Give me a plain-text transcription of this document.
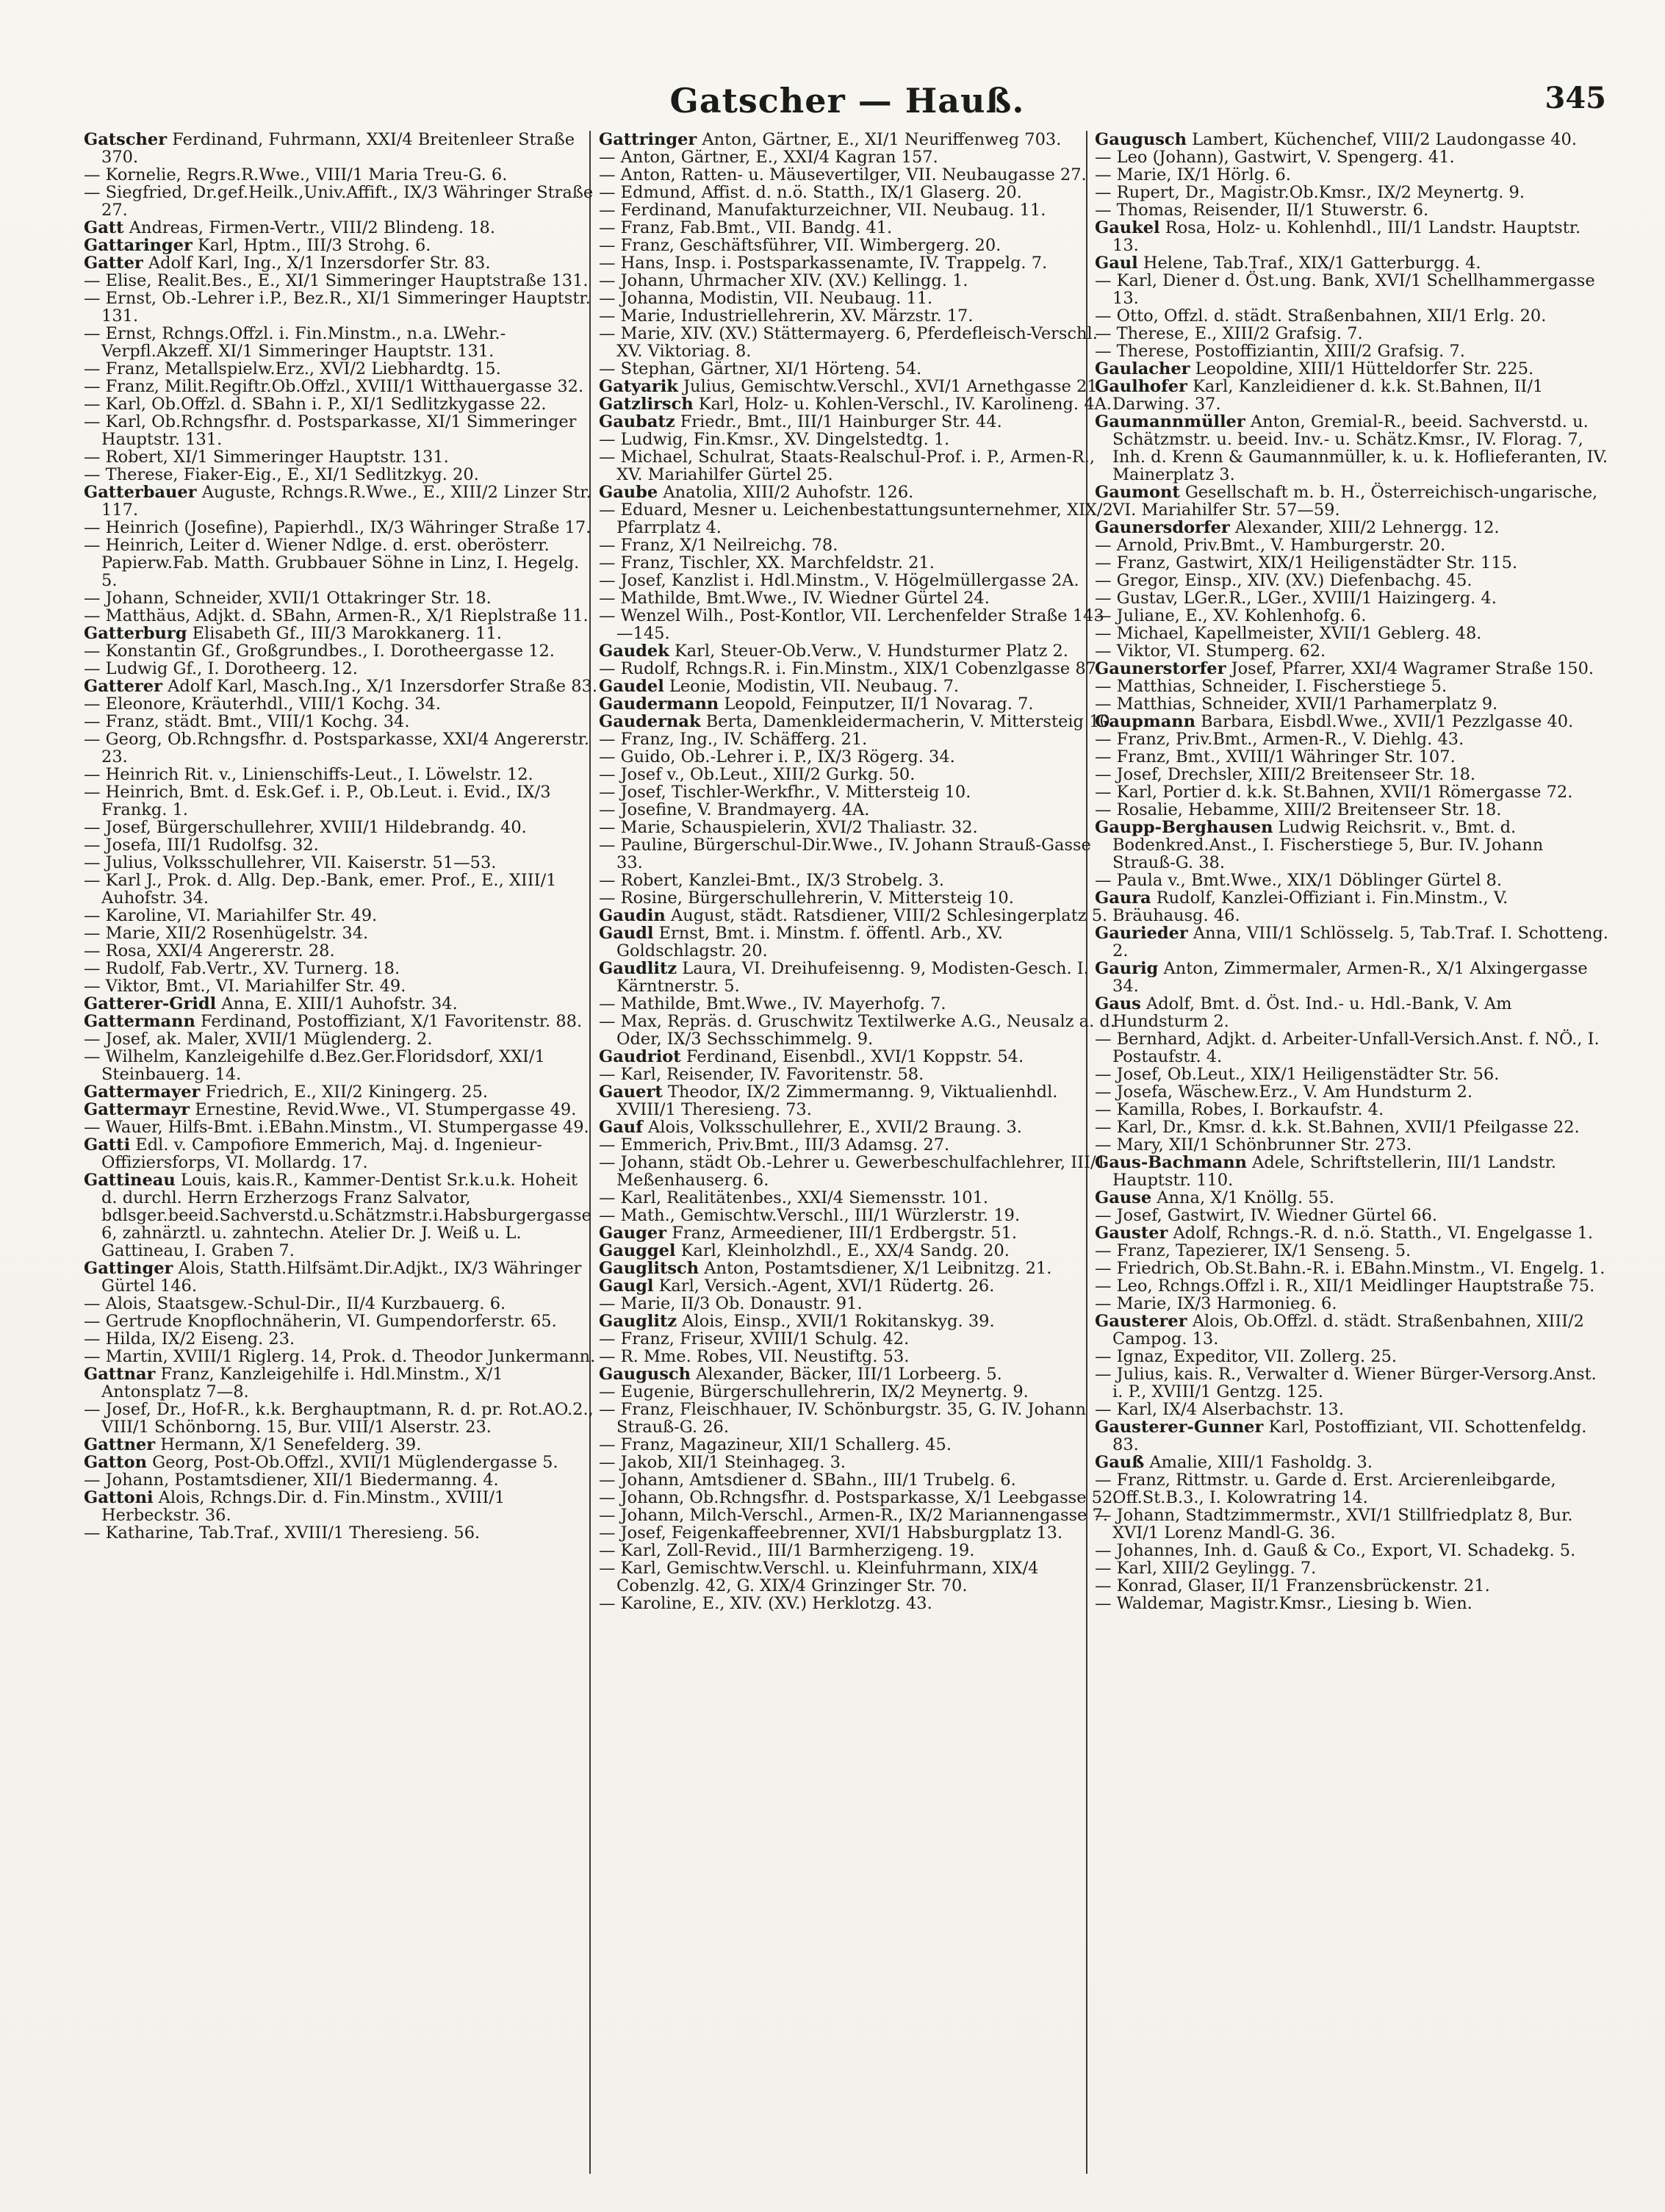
Gatscher — Hauß.	345

Gatscher Ferdinand, Fuhrmann, XXI/4 Breitenleer Straße 370.

— Kornelie, Regrs.R.Wwe., VIII/1 Maria Treu-G. 6.

— Siegfried, Dr.gef.Heilk.,Univ.Affift., IX/3 Währinger Straße 27.

Gatt Andreas, Firmen-Vertr., VIII/2 Blindeng. 18.

Gattaringer Karl, Hptm., III/3 Strohg. 6.

Gatter Adolf Karl, Ing., X/1 Inzersdorfer Str. 83.

— Elise, Realit.Bes., E., XI/1 Simmeringer Hauptstraße 131.

— Ernst, Ob.-Lehrer i.P., Bez.R., XI/1 Simmeringer Hauptstr. 131.

— Ernst, Rchngs.Offzl. i. Fin.Minstm., n.a. LWehr.-Verpfl.Akzeff. XI/1 Simmeringer Hauptstr. 131.

— Franz, Metallspielw.Erz., XVI/2 Liebhardtg. 15.

— Franz, Milit.Regiftr.Ob.Offzl., XVIII/1 Witthauergasse 32.

— Karl, Ob.Offzl. d. SBahn i. P., XI/1 Sedlitzkygasse 22.

— Karl, Ob.Rchngsfhr. d. Postsparkasse, XI/1 Simmeringer Hauptstr. 131.

— Robert, XI/1 Simmeringer Hauptstr. 131.

— Therese, Fiaker-Eig., E., XI/1 Sedlitzkyg. 20.

Gatterbauer Auguste, Rchngs.R.Wwe., E., XIII/2 Linzer Str. 117.

— Heinrich (Josefine), Papierhdl., IX/3 Währinger Straße 17.

— Heinrich, Leiter d. Wiener Ndlge. d. erst. oberösterr. Papierw.Fab. Matth. Grubbauer Söhne in Linz, I. Hegelg. 5.

— Johann, Schneider, XVII/1 Ottakringer Str. 18.

— Matthäus, Adjkt. d. SBahn, Armen-R., X/1 Rieplstraße 11.

Gatterburg Elisabeth Gf., III/3 Marokkanerg. 11.

— Konstantin Gf., Großgrundbes., I. Dorotheergasse 12.

— Ludwig Gf., I. Dorotheerg. 12.

Gatterer Adolf Karl, Masch.Ing., X/1 Inzersdorfer Straße 83.

— Eleonore, Kräuterhdl., VIII/1 Kochg. 34.

— Franz, städt. Bmt., VIII/1 Kochg. 34.

— Georg, Ob.Rchngsfhr. d. Postsparkasse, XXI/4 Angererstr. 23.

— Heinrich Rit. v., Linienschiffs-Leut., I. Löwelstr. 12.

— Heinrich, Bmt. d. Esk.Gef. i. P., Ob.Leut. i. Evid., IX/3 Frankg. 1.

— Josef, Bürgerschullehrer, XVIII/1 Hildebrandg. 40.

— Josefa, III/1 Rudolfsg. 32.

— Julius, Volksschullehrer, VII. Kaiserstr. 51—53.

— Karl J., Prok. d. Allg. Dep.-Bank, emer. Prof., E., XIII/1 Auhofstr. 34.

— Karoline, VI. Mariahilfer Str. 49.

— Marie, XII/2 Rosenhügelstr. 34.

— Rosa, XXI/4 Angererstr. 28.

— Rudolf, Fab.Vertr., XV. Turnerg. 18.

— Viktor, Bmt., VI. Mariahilfer Str. 49.

Gatterer-Gridl Anna, E. XIII/1 Auhofstr. 34.

Gattermann Ferdinand, Postoffiziant, X/1 Favoritenstr. 88.

— Josef, ak. Maler, XVII/1 Müglenderg. 2.

— Wilhelm, Kanzleigehilfe d.Bez.Ger.Floridsdorf, XXI/1 Steinbauerg. 14.

Gattermayer Friedrich, E., XII/2 Kiningerg. 25.

Gattermayr Ernestine, Revid.Wwe., VI. Stumpergasse 49.

— Wauer, Hilfs-Bmt. i.EBahn.Minstm., VI. Stumpergasse 49.

Gatti Edl. v. Campofiore Emmerich, Maj. d. Ingenieur-Offiziersforps, VI. Mollardg. 17.

Gattineau Louis, kais.R., Kammer-Dentist Sr.k.u.k. Hoheit d. durchl. Herrn Erzherzogs Franz Salvator, bdlsger.beeid.Sachverstd.u.Schätzmstr.i.Habsburgergasse 6, zahnärztl. u. zahntechn. Atelier Dr. J. Weiß u. L. Gattineau, I. Graben 7.

Gattinger Alois, Statth.Hilfsämt.Dir.Adjkt., IX/3 Währinger Gürtel 146.

— Alois, Staatsgew.-Schul-Dir., II/4 Kurzbauerg. 6.

— Gertrude Knopflochnäherin, VI. Gumpendorferstr. 65.

— Hilda, IX/2 Eiseng. 23.

— Martin, XVIII/1 Riglerg. 14, Prok. d. Theodor Junkermann.

Gattnar Franz, Kanzleigehilfe i. Hdl.Minstm., X/1 Antonsplatz 7—8.

— Josef, Dr., Hof-R., k.k. Berghauptmann, R. d. pr. Rot.AO.2., VIII/1 Schönborng. 15, Bur. VIII/1 Alserstr. 23.

Gattner Hermann, X/1 Senefelderg. 39.

Gatton Georg, Post-Ob.Offzl., XVII/1 Müglendergasse 5.

— Johann, Postamtsdiener, XII/1 Biedermanng. 4.

Gattoni Alois, Rchngs.Dir. d. Fin.Minstm., XVIII/1 Herbeckstr. 36.

— Katharine, Tab.Traf., XVIII/1 Theresieng. 56.

Gattringer Anton, Gärtner, E., XI/1 Neuriffenweg 703.

— Anton, Gärtner, E., XXI/4 Kagran 157.

— Anton, Ratten- u. Mäusevertilger, VII. Neubaugasse 27.

— Edmund, Affist. d. n.ö. Statth., IX/1 Glaserg. 20.

— Ferdinand, Manufakturzeichner, VII. Neubaug. 11.

— Franz, Fab.Bmt., VII. Bandg. 41.

— Franz, Geschäftsführer, VII. Wimbergerg. 20.

— Hans, Insp. i. Postsparkassenamte, IV. Trappelg. 7.

— Johann, Uhrmacher XIV. (XV.) Kellingg. 1.

— Johanna, Modistin, VII. Neubaug. 11.

— Marie, Industriellehrerin, XV. Märzstr. 17.

— Marie, XIV. (XV.) Stättermayerg. 6, Pferdefleisch-Verschl. XV. Viktoriag. 8.

— Stephan, Gärtner, XI/1 Hörteng. 54.

Gatyarik Julius, Gemischtw.Verschl., XVI/1 Arnethgasse 21.

Gatzlirsch Karl, Holz- u. Kohlen-Verschl., IV. Karolineng. 4A.

Gaubatz Friedr., Bmt., III/1 Hainburger Str. 44.

— Ludwig, Fin.Kmsr., XV. Dingelstedtg. 1.

— Michael, Schulrat, Staats-Realschul-Prof. i. P., Armen-R., XV. Mariahilfer Gürtel 25.

Gaube Anatolia, XIII/2 Auhofstr. 126.

— Eduard, Mesner u. Leichenbestattungsunternehmer, XIX/2 Pfarrplatz 4.

— Franz, X/1 Neilreichg. 78.

— Franz, Tischler, XX. Marchfeldstr. 21.

— Josef, Kanzlist i. Hdl.Minstm., V. Högelmüllergasse 2A.

— Mathilde, Bmt.Wwe., IV. Wiedner Gürtel 24.

— Wenzel Wilh., Post-Kontlor, VII. Lerchenfelder Straße 143—145.

Gaudek Karl, Steuer-Ob.Verw., V. Hundsturmer Platz 2.

— Rudolf, Rchngs.R. i. Fin.Minstm., XIX/1 Cobenzlgasse 87.

Gaudel Leonie, Modistin, VII. Neubaug. 7.

Gaudermann Leopold, Feinputzer, II/1 Novarag. 7.

Gaudernak Berta, Damenkleidermacherin, V. Mittersteig 10.

— Franz, Ing., IV. Schäfferg. 21.

— Guido, Ob.-Lehrer i. P., IX/3 Rögerg. 34.

— Josef v., Ob.Leut., XIII/2 Gurkg. 50.

— Josef, Tischler-Werkfhr., V. Mittersteig 10.

— Josefine, V. Brandmayerg. 4A.

— Marie, Schauspielerin, XVI/2 Thaliastr. 32.

— Pauline, Bürgerschul-Dir.Wwe., IV. Johann Strauß-Gasse 33.

— Robert, Kanzlei-Bmt., IX/3 Strobelg. 3.

— Rosine, Bürgerschullehrerin, V. Mittersteig 10.

Gaudin August, städt. Ratsdiener, VIII/2 Schlesingerplatz 5.

Gaudl Ernst, Bmt. i. Minstm. f. öffentl. Arb., XV. Goldschlagstr. 20.

Gaudlitz Laura, VI. Dreihufeisenng. 9, Modisten-Gesch. I. Kärntnerstr. 5.

— Mathilde, Bmt.Wwe., IV. Mayerhofg. 7.

— Max, Repräs. d. Gruschwitz Textilwerke A.G., Neusalz a. d. Oder, IX/3 Sechsschimmelg. 9.

Gaudriot Ferdinand, Eisenbdl., XVI/1 Koppstr. 54.

— Karl, Reisender, IV. Favoritenstr. 58.

Gauert Theodor, IX/2 Zimmermanng. 9, Viktualienhdl. XVIII/1 Theresieng. 73.

Gauf Alois, Volksschullehrer, E., XVII/2 Braung. 3.

— Emmerich, Priv.Bmt., III/3 Adamsg. 27.

— Johann, städt Ob.-Lehrer u. Gewerbeschulfachlehrer, III/1 Meßenhauserg. 6.

— Karl, Realitätenbes., XXI/4 Siemensstr. 101.

— Math., Gemischtw.Verschl., III/1 Würzlerstr. 19.

Gauger Franz, Armeediener, III/1 Erdbergstr. 51.

Gauggel Karl, Kleinholzhdl., E., XX/4 Sandg. 20.

Gauglitsch Anton, Postamtsdiener, X/1 Leibnitzg. 21.

Gaugl Karl, Versich.-Agent, XVI/1 Rüdertg. 26.

— Marie, II/3 Ob. Donaustr. 91.

Gauglitz Alois, Einsp., XVII/1 Rokitanskyg. 39.

— Franz, Friseur, XVIII/1 Schulg. 42.

— R. Mme. Robes, VII. Neustiftg. 53.

Gaugusch Alexander, Bäcker, III/1 Lorbeerg. 5.

— Eugenie, Bürgerschullehrerin, IX/2 Meynertg. 9.

— Franz, Fleischhauer, IV. Schönburgstr. 35, G. IV. Johann Strauß-G. 26.

— Franz, Magazineur, XII/1 Schallerg. 45.

— Jakob, XII/1 Steinhageg. 3.

— Johann, Amtsdiener d. SBahn., III/1 Trubelg. 6.

— Johann, Ob.Rchngsfhr. d. Postsparkasse, X/1 Leebgasse 52.

— Johann, Milch-Verschl., Armen-R., IX/2 Mariannengasse 7.

— Josef, Feigenkaffeebrenner, XVI/1 Habsburgplatz 13.

— Karl, Zoll-Revid., III/1 Barmherzigeng. 19.

— Karl, Gemischtw.Verschl. u. Kleinfuhrmann, XIX/4 Cobenzlg. 42, G. XIX/4 Grinzinger Str. 70.

— Karoline, E., XIV. (XV.) Herklotzg. 43.

Gaugusch Lambert, Küchenchef, VIII/2 Laudongasse 40.

— Leo (Johann), Gastwirt, V. Spengerg. 41.

— Marie, IX/1 Hörlg. 6.

— Rupert, Dr., Magistr.Ob.Kmsr., IX/2 Meynertg. 9.

— Thomas, Reisender, II/1 Stuwerstr. 6.

Gaukel Rosa, Holz- u. Kohlenhdl., III/1 Landstr. Hauptstr. 13.

Gaul Helene, Tab.Traf., XIX/1 Gatterburgg. 4.

— Karl, Diener d. Öst.ung. Bank, XVI/1 Schellhammergasse 13.

— Otto, Offzl. d. städt. Straßenbahnen, XII/1 Erlg. 20.

— Therese, E., XIII/2 Grafsig. 7.

— Therese, Postoffiziantin, XIII/2 Grafsig. 7.

Gaulacher Leopoldine, XIII/1 Hütteldorfer Str. 225.

Gaulhofer Karl, Kanzleidiener d. k.k. St.Bahnen, II/1 Darwing. 37.

Gaumannmüller Anton, Gremial-R., beeid. Sachverstd. u. Schätzmstr. u. beeid. Inv.- u. Schätz.Kmsr., IV. Florag. 7, Inh. d. Krenn & Gaumannmüller, k. u. k. Hoflieferanten, IV. Mainerplatz 3.

Gaumont Gesellschaft m. b. H., Österreichisch-ungarische, VI. Mariahilfer Str. 57—59.

Gaunersdorfer Alexander, XIII/2 Lehnergg. 12.

— Arnold, Priv.Bmt., V. Hamburgerstr. 20.

— Franz, Gastwirt, XIX/1 Heiligenstädter Str. 115.

— Gregor, Einsp., XIV. (XV.) Diefenbachg. 45.

— Gustav, LGer.R., LGer., XVIII/1 Haizingerg. 4.

— Juliane, E., XV. Kohlenhofg. 6.

— Michael, Kapellmeister, XVII/1 Geblerg. 48.

— Viktor, VI. Stumperg. 62.

Gaunerstorfer Josef, Pfarrer, XXI/4 Wagramer Straße 150.

— Matthias, Schneider, I. Fischerstiege 5.

— Matthias, Schneider, XVII/1 Parhamerplatz 9.

Gaupmann Barbara, Eisbdl.Wwe., XVII/1 Pezzlgasse 40.

— Franz, Priv.Bmt., Armen-R., V. Diehlg. 43.

— Franz, Bmt., XVIII/1 Währinger Str. 107.

— Josef, Drechsler, XIII/2 Breitenseer Str. 18.

— Karl, Portier d. k.k. St.Bahnen, XVII/1 Römergasse 72.

— Rosalie, Hebamme, XIII/2 Breitenseer Str. 18.

Gaupp-Berghausen Ludwig Reichsrit. v., Bmt. d. Bodenkred.Anst., I. Fischerstiege 5, Bur. IV. Johann Strauß-G. 38.

— Paula v., Bmt.Wwe., XIX/1 Döblinger Gürtel 8.

Gaura Rudolf, Kanzlei-Offiziant i. Fin.Minstm., V. Bräuhausg. 46.

Gaurieder Anna, VIII/1 Schlösselg. 5, Tab.Traf. I. Schotteng. 2.

Gaurig Anton, Zimmermaler, Armen-R., X/1 Alxingergasse 34.

Gaus Adolf, Bmt. d. Öst. Ind.- u. Hdl.-Bank, V. Am Hundsturm 2.

— Bernhard, Adjkt. d. Arbeiter-Unfall-Versich.Anst. f. NÖ., I. Postaufstr. 4.

— Josef, Ob.Leut., XIX/1 Heiligenstädter Str. 56.

— Josefa, Wäschew.Erz., V. Am Hundsturm 2.

— Kamilla, Robes, I. Borkaufstr. 4.

— Karl, Dr., Kmsr. d. k.k. St.Bahnen, XVII/1 Pfeilgasse 22.

— Mary, XII/1 Schönbrunner Str. 273.

Gaus-Bachmann Adele, Schriftstellerin, III/1 Landstr. Hauptstr. 110.

Gause Anna, X/1 Knöllg. 55.

— Josef, Gastwirt, IV. Wiedner Gürtel 66.

Gauster Adolf, Rchngs.-R. d. n.ö. Statth., VI. Engelgasse 1.

— Franz, Tapezierer, IX/1 Senseng. 5.

— Friedrich, Ob.St.Bahn.-R. i. EBahn.Minstm., VI. Engelg. 1.

— Leo, Rchngs.Offzl i. R., XII/1 Meidlinger Hauptstraße 75.

— Marie, IX/3 Harmonieg. 6.

Gausterer Alois, Ob.Offzl. d. städt. Straßenbahnen, XIII/2 Campog. 13.

— Ignaz, Expeditor, VII. Zollerg. 25.

— Julius, kais. R., Verwalter d. Wiener Bürger-Versorg.Anst. i. P., XVIII/1 Gentzg. 125.

— Karl, IX/4 Alserbachstr. 13.

Gausterer-Gunner Karl, Postoffiziant, VII. Schottenfeldg. 83.

Gauß Amalie, XIII/1 Fasholdg. 3.

— Franz, Rittmstr. u. Garde d. Erst. Arcierenleibgarde, Off.St.B.3., I. Kolowratring 14.

— Johann, Stadtzimmermstr., XVI/1 Stillfriedplatz 8, Bur. XVI/1 Lorenz Mandl-G. 36.

— Johannes, Inh. d. Gauß & Co., Export, VI. Schadekg. 5.

— Karl, XIII/2 Geylingg. 7.

— Konrad, Glaser, II/1 Franzensbrückenstr. 21.

— Waldemar, Magistr.Kmsr., Liesing b. Wien.
